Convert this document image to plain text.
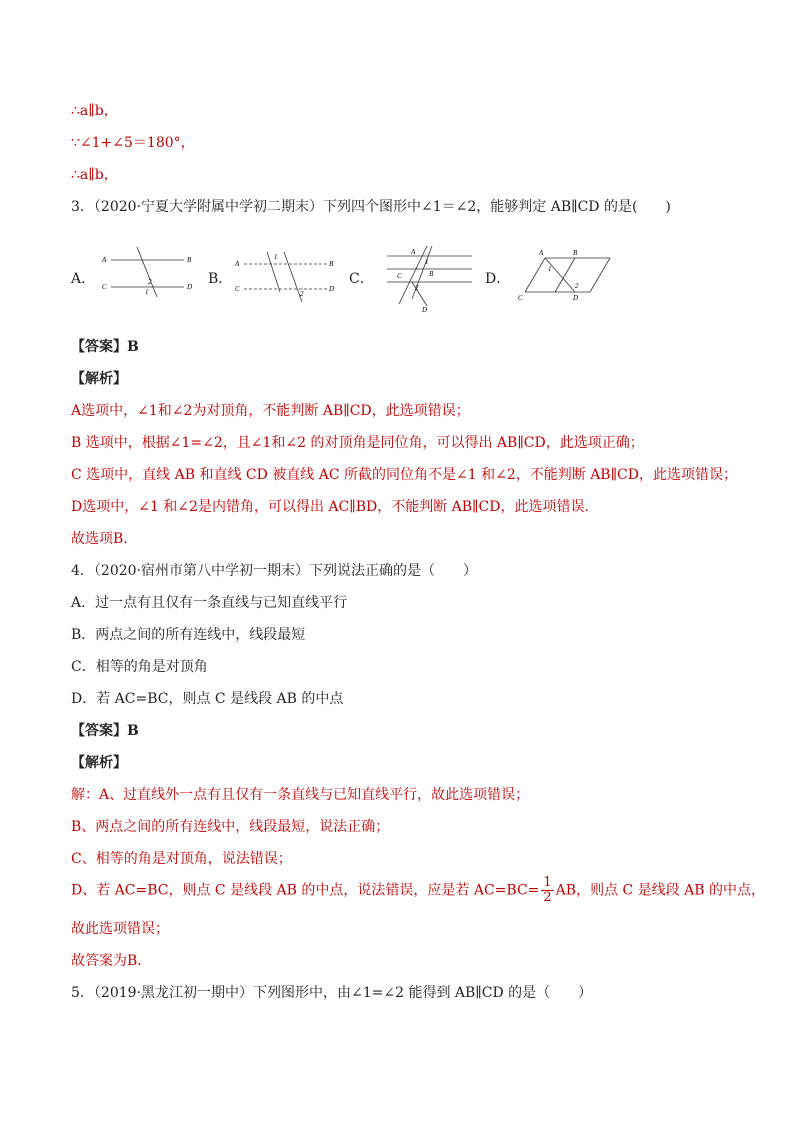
∴a∥b，
∵∠1+∠5＝180°，
∴a∥b，
3．（2020·宁夏大学附属中学初二期末）下列四个图形中∠1＝∠2，能够判定 AB∥CD 的是(　　)
A．
A	B
C	D
2
1
B．
A	B
C	D
1
2
C．
A
B
C
D
1
2
D．
A	B
C	D
1
2
【答案】B
【解析】
A选项中，∠1和∠2为对顶角，不能判断 AB∥CD，此选项错误；
B 选项中，根据∠1=∠2，且∠1和∠2 的对顶角是同位角，可以得出 AB∥CD，此选项正确；
C 选项中，直线 AB 和直线 CD 被直线 AC 所截的同位角不是∠1 和∠2，不能判断 AB∥CD，此选项错误；
D选项中，∠1 和∠2是内错角，可以得出 AC∥BD，不能判断 AB∥CD，此选项错误.
故选项B.
4．（2020·宿州市第八中学初一期末）下列说法正确的是（　　）
A．过一点有且仅有一条直线与已知直线平行
B．两点之间的所有连线中，线段最短
C．相等的角是对顶角
D．若 AC=BC，则点 C 是线段 AB 的中点
【答案】B
【解析】
解：A、过直线外一点有且仅有一条直线与已知直线平行，故此选项错误；
B、两点之间的所有连线中，线段最短，说法正确；
C、相等的角是对顶角，说法错误；
D、若 AC=BC，则点 C 是线段 AB 的中点，说法错误，应是若 $AC=BC= \frac{1}{2}$ AB，则点 C 是线段 AB 的中点，
故此选项错误；
故答案为B．
5．（2019·黑龙江初一期中）下列图形中，由∠1=∠2 能得到 AB∥CD 的是（　　）
